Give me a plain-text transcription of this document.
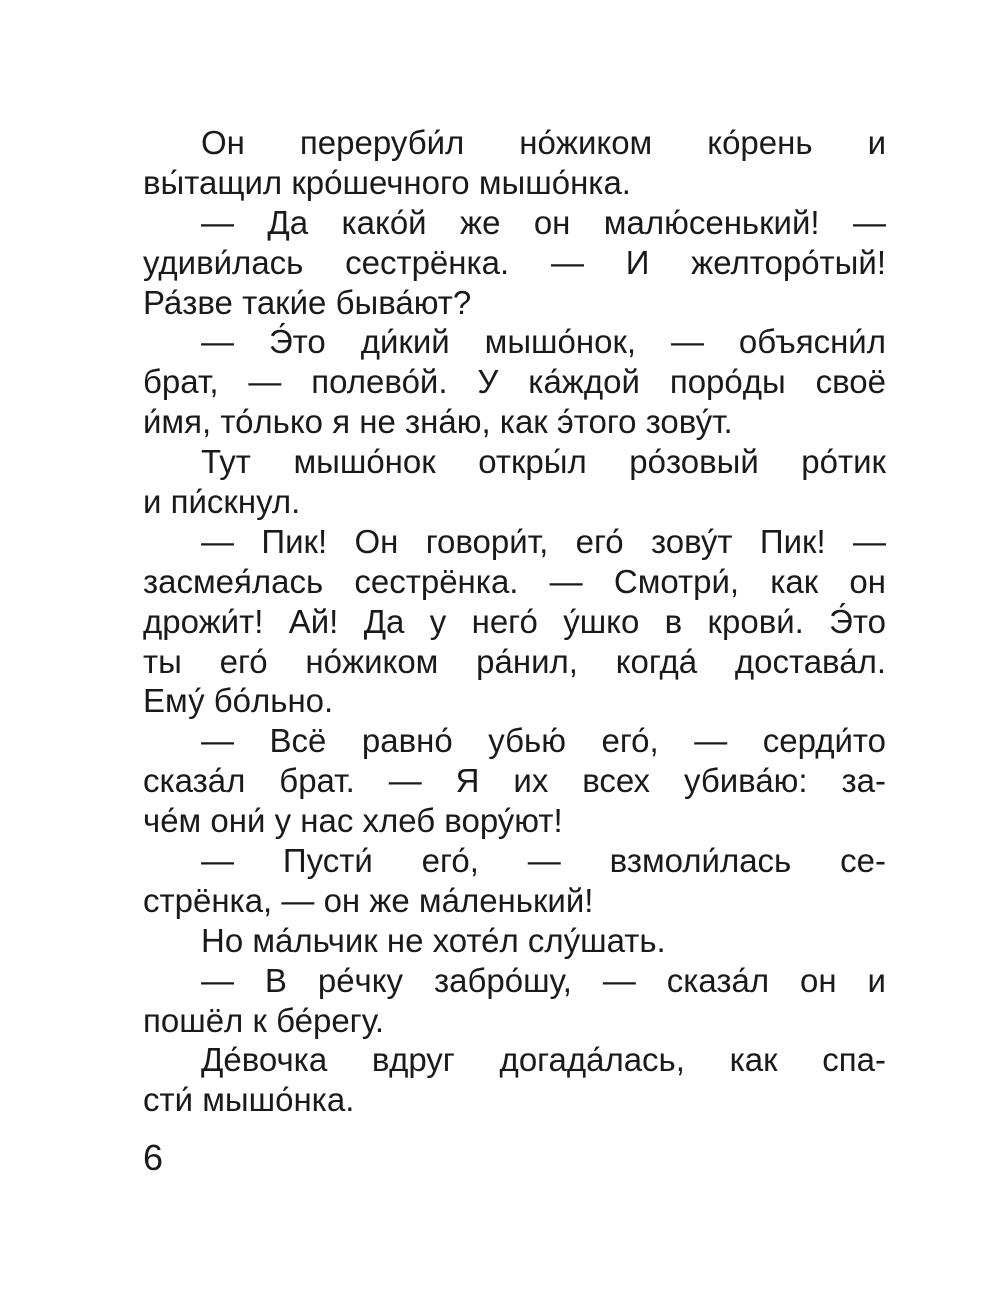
Он переруби́л но́жиком ко́рень и
вы́тащил кро́шечного мышо́нка.
— Да како́й же он малю́сенький! —
удиви́лась сестрёнка. — И желторо́тый!
Ра́зве таки́е быва́ют?
— Э́то ди́кий мышо́нок, — объясни́л
брат, — полево́й. У ка́ждой поро́ды своё
и́мя, то́лько я не зна́ю, как э́того зову́т.
Тут мышо́нок откры́л ро́зовый ро́тик
и пи́скнул.
— Пик! Он говори́т, его́ зову́т Пик! —
засмея́лась сестрёнка. — Смотри́, как он
дрожи́т! Ай! Да у него́ у́шко в крови́. Э́то
ты его́ но́жиком ра́нил, когда́ достава́л.
Ему́ бо́льно.
— Всё равно́ убью́ его́, — серди́то
сказа́л брат. — Я их всех убива́ю: за-
че́м они́ у нас хлеб вору́ют!
— Пусти́ его́, — взмоли́лась се-
стрёнка, — он же ма́ленький!
Но ма́льчик не хоте́л слу́шать.
— В ре́чку забро́шу, — сказа́л он и
пошёл к бе́регу.
Де́вочка вдруг догада́лась, как спа-
сти́ мышо́нка.
6
